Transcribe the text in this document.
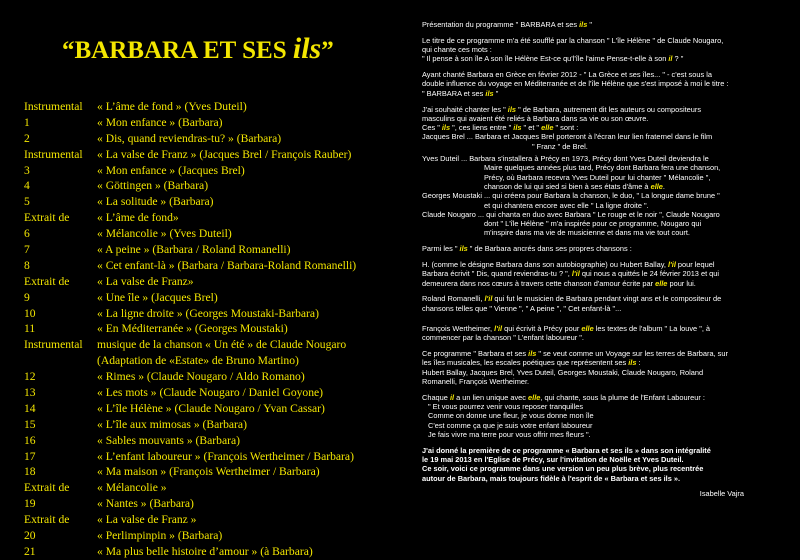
“BARBARA ET SES ils”
Instrumental	« L’âme de fond » (Yves Duteil)
1	« Mon enfance » (Barbara)
2	« Dis, quand reviendras-tu? » (Barbara)
Instrumental	« La valse de Franz » (Jacques Brel / François Rauber)
3	« Mon enfance » (Jacques Brel)
4	« Göttingen » (Barbara)
5	« La solitude » (Barbara)
Extrait de	« L’âme de fond»
6	« Mélancolie » (Yves Duteil)
7	« A peine » (Barbara / Roland Romanelli)
8	« Cet enfant-là » (Barbara / Barbara-Roland Romanelli)
Extrait de	« La valse de Franz»
9	« Une île » (Jacques Brel)
10	« La ligne droite » (Georges Moustaki-Barbara)
11	« En Méditerranée » (Georges Moustaki)
Instrumental	musique de la chanson « Un été » de Claude Nougaro
(Adaptation de «Estate» de Bruno Martino)
12	« Rimes » (Claude Nougaro / Aldo Romano)
13	« Les mots » (Claude Nougaro / Daniel Goyone)
14	« L’île Hélène » (Claude Nougaro / Yvan Cassar)
15	« L’île aux mimosas » (Barbara)
16	« Sables mouvants » (Barbara)
17	« L’enfant laboureur » (François Wertheimer / Barbara)
18	« Ma maison » (François Wertheimer / Barbara)
Extrait de	« Mélancolie »
19	« Nantes » (Barbara)
Extrait de	« La valse de Franz »
20	« Perlimpinpin » (Barbara)
21	« Ma plus belle histoire d’amour » (à Barbara)

Présentation du programme " BARBARA et ses ils "

Le titre de ce programme m'a été soufflé par la chanson " L'île Hélène " de Claude Nougaro,

qui chante ces mots :

" Il pense à son île A son île Hélène Est-ce qu'l'île l'aime Pense-t-elle à son il ? "

Ayant chanté Barbara en Grèce en février 2012 - " La Grèce et ses îles... " - c'est sous la

double influence du voyage en Méditerranée et de l'île Hélène que s'est imposé à moi le titre :

" BARBARA et ses ils "

J'ai souhaité chanter les " ils " de Barbara, autrement dit les auteurs ou compositeurs

masculins qui avaient été reliés à Barbara dans sa vie ou son œuvre.

Ces " ils ", ces liens entre " ils " et " elle " sont :

Jacques Brel ... Barbara et Jacques Brel porteront à l'écran leur lien fraternel dans le film

" Franz " de Brel.

Yves Duteil ... Barbara s'installera à Précy en 1973, Précy dont Yves Duteil deviendra le

Maire quelques années plus tard, Précy dont Barbara fera une chanson,

Précy, où Barbara recevra Yves Duteil pour lui chanter " Mélancolie ",

chanson de lui qui sied si bien à ses états d'âme à elle.

Georges Moustaki ... qui créera pour Barbara la chanson, le duo, " La longue dame brune "

et qui chantera encore avec elle " La ligne droite ".

Claude Nougaro ... qui chanta en duo avec Barbara " Le rouge et le noir ", Claude Nougaro

dont " L'île Hélène " m'a inspirée pour ce programme, Nougaro qui

m'inspire dans ma vie de musicienne et dans ma vie tout court.

Parmi les " ils " de Barbara ancrés dans ses propres chansons :

H. (comme le désigne Barbara dans son autobiographie) ou Hubert Ballay, l'il pour lequel

Barbara écrivit " Dis, quand reviendras-tu ? ", l'il qui nous a quittés le 24 février 2013 et qui

demeurera dans nos cœurs à travers cette chanson d'amour écrite par elle pour lui.

Roland Romanelli, l'il qui fut le musicien de Barbara pendant vingt ans et le compositeur de

chansons telles que " Vienne ", " A peine ", " Cet enfant-là "...

François Wertheimer, l'il qui écrivit à Précy pour elle les textes de l'album " La louve ", à

commencer par la chanson " L'enfant laboureur ".

Ce programme " Barbara et ses ils " se veut comme un Voyage sur les terres de Barbara, sur

les îles musicales, les escales poétiques que représentent ses ils :

Hubert Ballay, Jacques Brel, Yves Duteil, Georges Moustaki, Claude Nougaro, Roland

Romanelli, François Wertheimer.

Chaque il a un lien unique avec elle, qui chante, sous la plume de l'Enfant Laboureur :

" Et vous pourrez venir vous reposer tranquilles

Comme on donne une fleur, je vous donne mon île

C'est comme ça que je suis votre enfant laboureur

Je fais vivre ma terre pour vous offrir mes fleurs ".

J'ai donné la première de ce programme « Barbara et ses ils » dans son intégralité

le 19 mai 2013 en l'Eglise de Précy, sur l'invitation de Noëlle et Yves Duteil.

Ce soir, voici ce programme dans une version un peu plus brève, plus recentrée

autour de Barbara, mais toujours fidèle à l'esprit de « Barbara et ses ils ».

Isabelle Vajra
